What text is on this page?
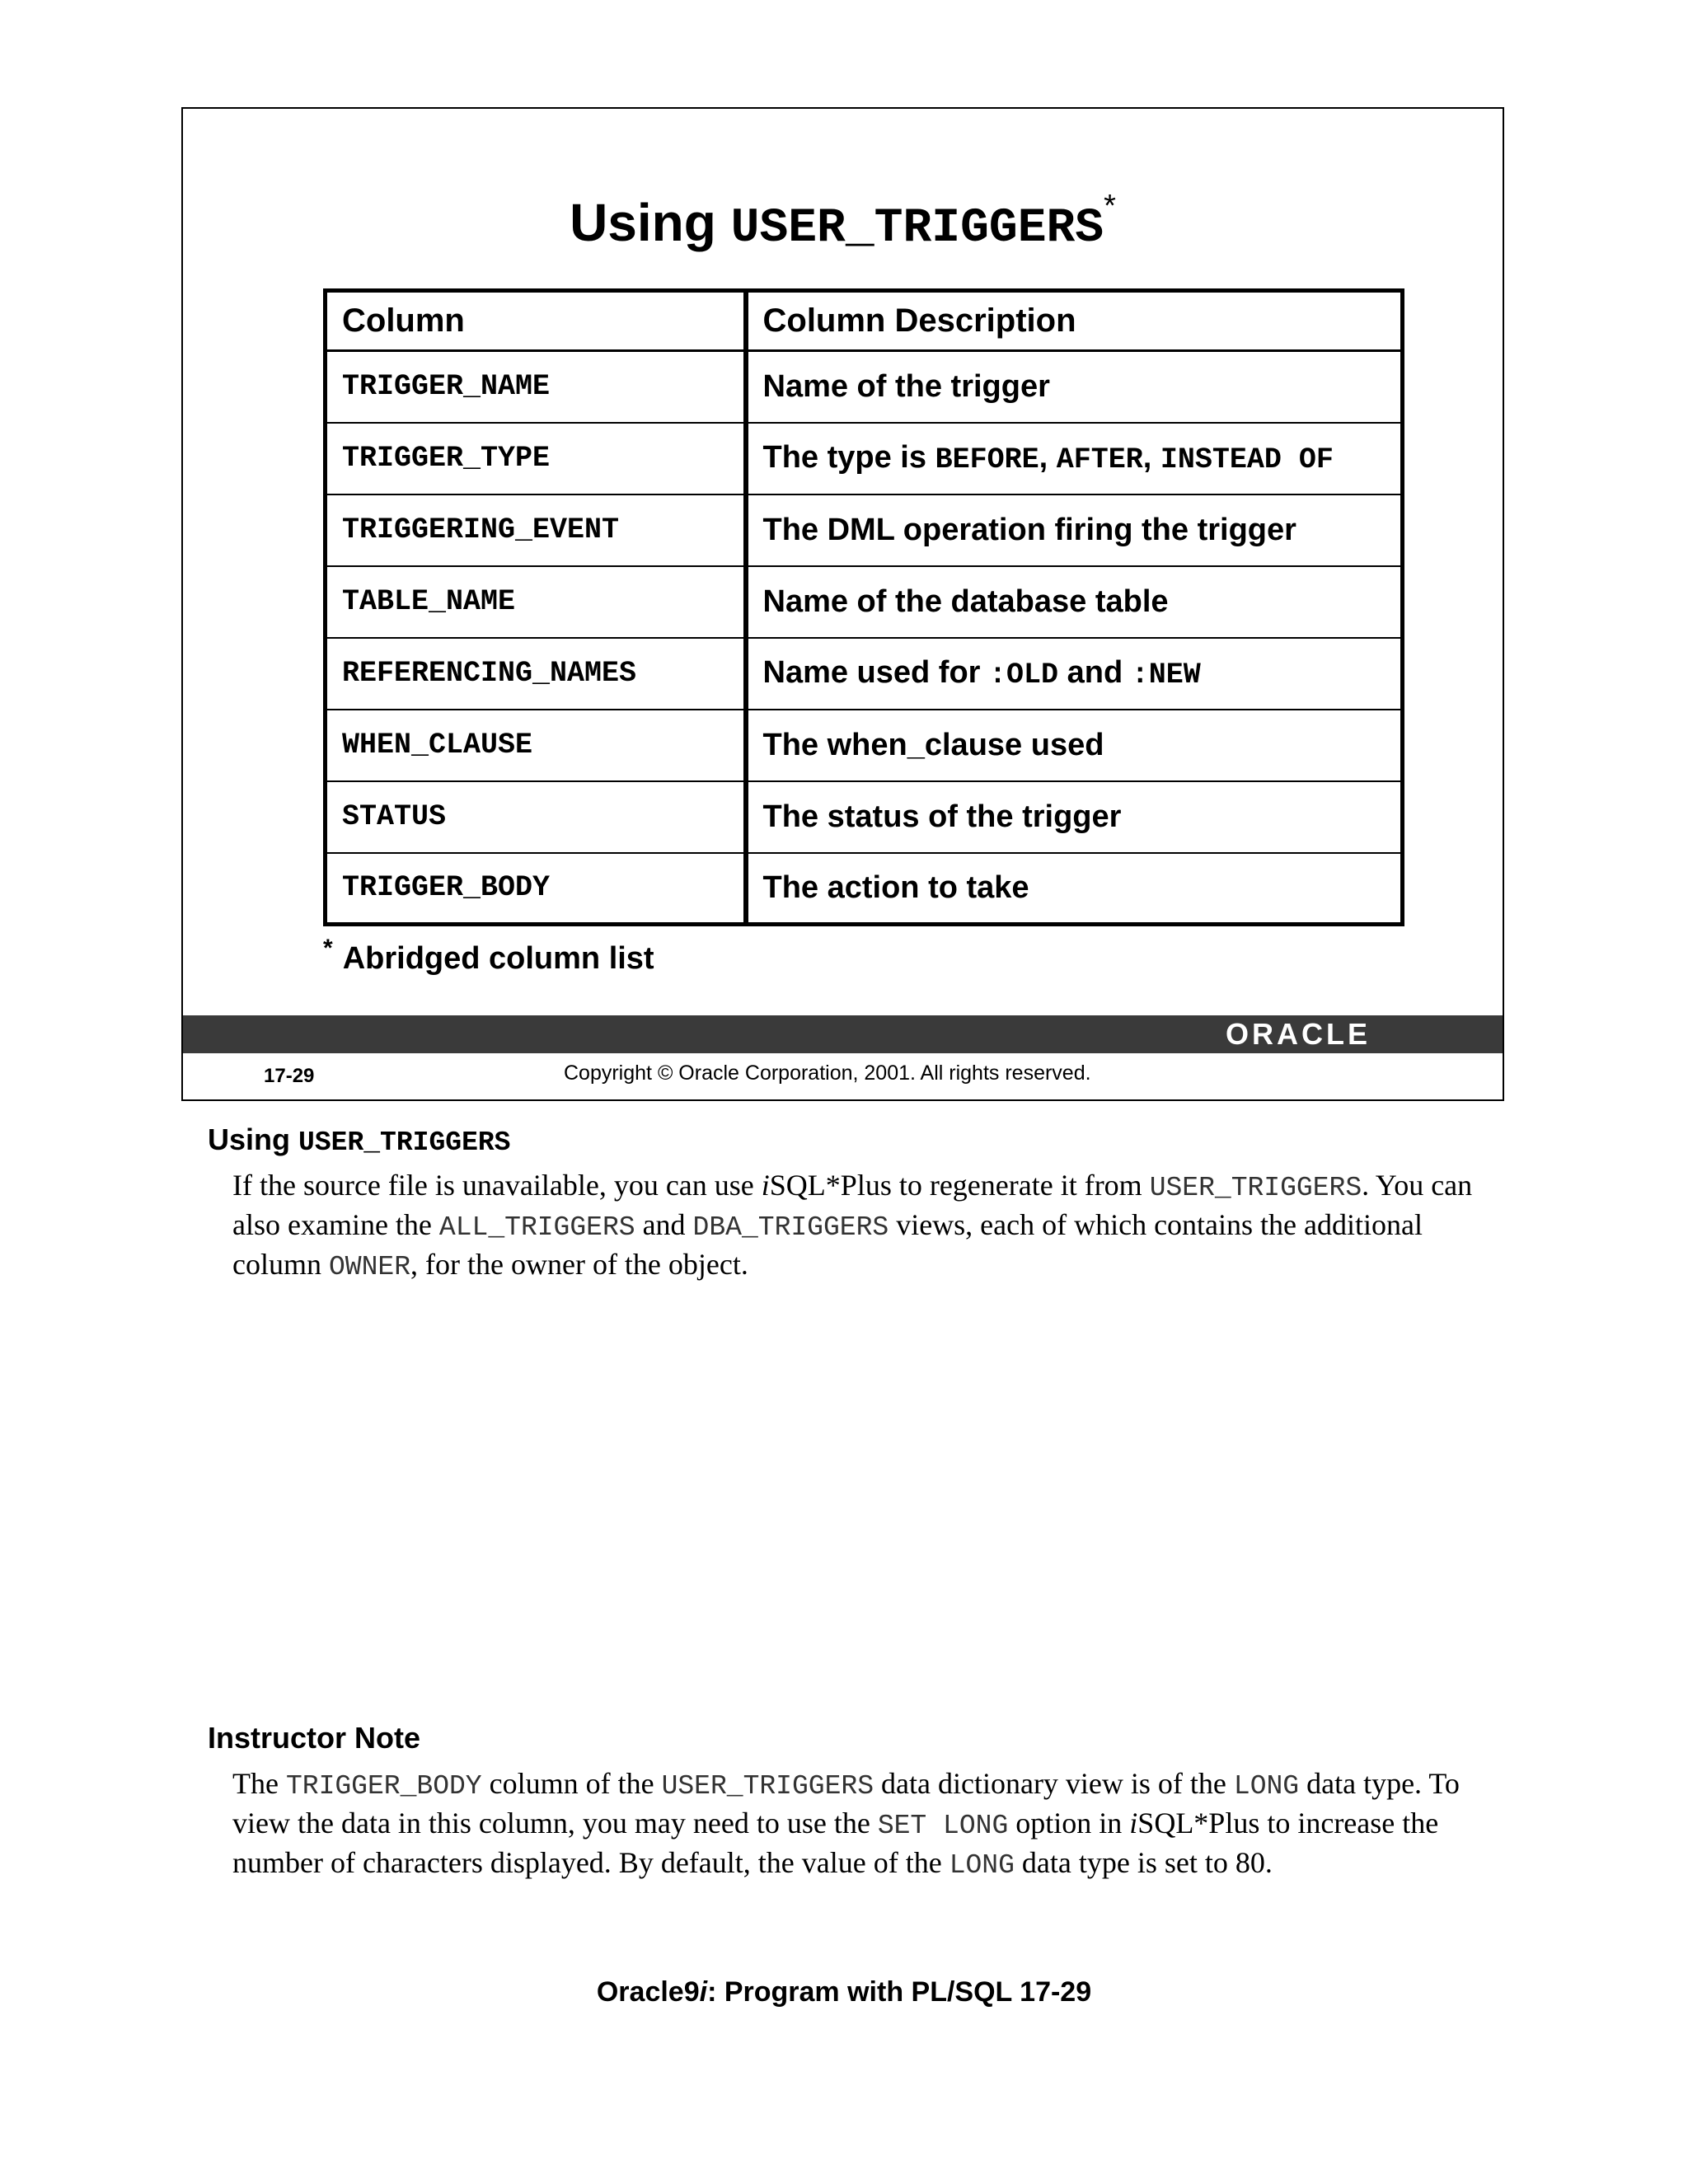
Using USER_TRIGGERS*
Column	Column Description
TRIGGER_NAME	Name of the trigger
TRIGGER_TYPE	The type is BEFORE, AFTER, INSTEAD OF
TRIGGERING_EVENT	The DML operation firing the trigger
TABLE_NAME	Name of the database table
REFERENCING_NAMES	Name used for :OLD and :NEW
WHEN_CLAUSE	The when_clause used
STATUS	The status of the trigger
TRIGGER_BODY	The action to take
* Abridged column list
ORACLE
17-29	Copyright © Oracle Corporation, 2001. All rights reserved.
Using USER_TRIGGERS

If the source file is unavailable, you can use iSQL*Plus to regenerate it from USER_TRIGGERS. You can also examine the ALL_TRIGGERS and DBA_TRIGGERS views, each of which contains the additional column OWNER, for the owner of the object.

Instructor Note

The TRIGGER_BODY column of the USER_TRIGGERS data dictionary view is of the LONG data type. To view the data in this column, you may need to use the SET LONG option in iSQL*Plus to increase the number of characters displayed. By default, the value of the LONG data type is set to 80.

Oracle9i: Program with PL/SQL 17-29
